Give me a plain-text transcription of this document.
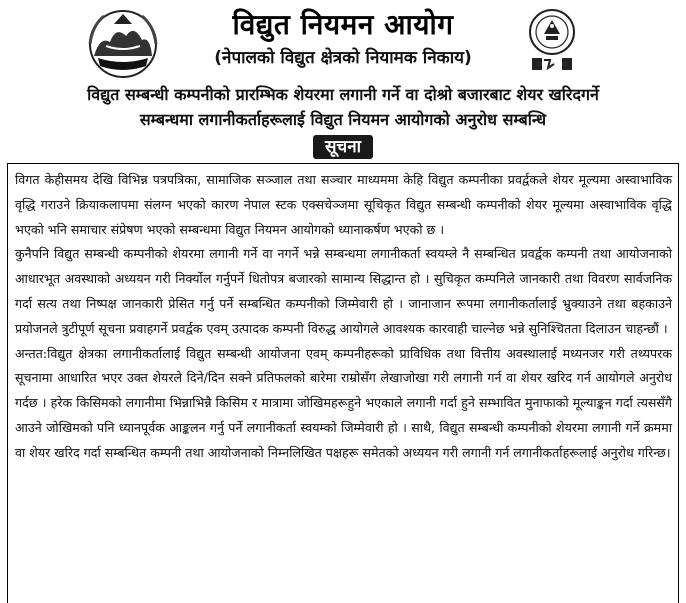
विद्युत नियमन आयोग
(नेपालको विद्युत क्षेत्रको नियामक निकाय)
विद्युत सम्बन्धी कम्पनीको प्रारम्भिक शेयरमा लगानी गर्ने वा दोश्रो बजारबाट शेयर खरिदगर्ने
सम्बन्धमा लगानीकर्ताहरूलाई विद्युत नियमन आयोगको अनुरोध सम्बन्धि
सूचना

विगत केहीसमय देखि विभिन्न पत्रपत्रिका, सामाजिक सञ्जाल तथा सञ्चार माध्यममा केहि विद्युत कम्पनीका प्रवर्द्वकले शेयर मूल्यमा अस्वाभाविक वृद्धि गराउने क्रियाकलापमा संलग्न भएको कारण नेपाल स्टक एक्सचेञ्जमा सूचिकृत विद्युत सम्बन्धी कम्पनीको शेयर मूल्यमा अस्वाभाविक वृद्धि भएको भनि समाचार संप्रेषण भएको सम्बन्धमा विद्युत नियमन आयोगको ध्यानाकर्षण भएको छ ।

कुनैपनि विद्युत सम्बन्धी कम्पनीको शेयरमा लगानी गर्ने वा नगर्ने भन्ने सम्बन्धमा लगानीकर्ता स्वयम्ले नै सम्बन्धित प्रवर्द्वक कम्पनी तथा आयोजनाको आधारभूत अवस्थाको अध्ययन गरी निर्क्योल गर्नुपर्ने धितोपत्र बजारको सामान्य सिद्धान्त हो । सुचिकृत कम्पनिले जानकारी तथा विवरण सार्वजनिक गर्दा सत्य तथा निष्पक्ष जानकारी प्रेसित गर्नु पर्ने सम्बन्धित कम्पनीको जिम्मेवारी हो । जानाजान रूपमा लगानीकर्तालाई भ्रुक्याउने तथा बहकाउने प्रयोजनले त्रुटीपूर्ण सूचना प्रवाहगर्ने प्रवर्द्वक एवम् उत्पादक कम्पनी विरुद्ध आयोगले आवश्यक कारवाही चाल्नेछ भन्ने सुनिश्चितता दिलाउन चाहन्छौं ।

अन्तत:विद्युत क्षेत्रका लगानीकर्तालाई विद्युत सम्बन्धी आयोजना एवम् कम्पनीहरूको प्राविधिक तथा वित्तीय अवस्थालाई मध्यनजर गरी तथ्यपरक सूचनामा आधारित भएर उक्त शेयरले दिने/दिन सक्ने प्रतिफलको बारेमा राम्रोसँग लेखाजोखा गरी लगानी गर्न वा शेयर खरिद गर्न आयोगले अनुरोध गर्दछ । हरेक किसिमको लगानीमा भिन्नाभिन्नै किसिम र मात्रामा जोखिमहरूहुने भएकाले लगानी गर्दा हुने सम्भावित मुनाफाको मूल्याङ्कन गर्दा त्यससँगै आउने जोखिमको पनि ध्यानपूर्वक आङ्कलन गर्नु पर्ने लगानीकर्ता स्वयम्को जिम्मेवारी हो । साथै, विद्युत सम्बन्धी कम्पनीको शेयरमा लगानी गर्ने क्रममा वा शेयर खरिद गर्दा सम्बन्धित कम्पनी तथा आयोजनाको निम्नलिखित पक्षहरू समेतको अध्ययन गरी लगानी गर्न लगानीकर्ताहरूलाई अनुरोध गरिन्छ।
